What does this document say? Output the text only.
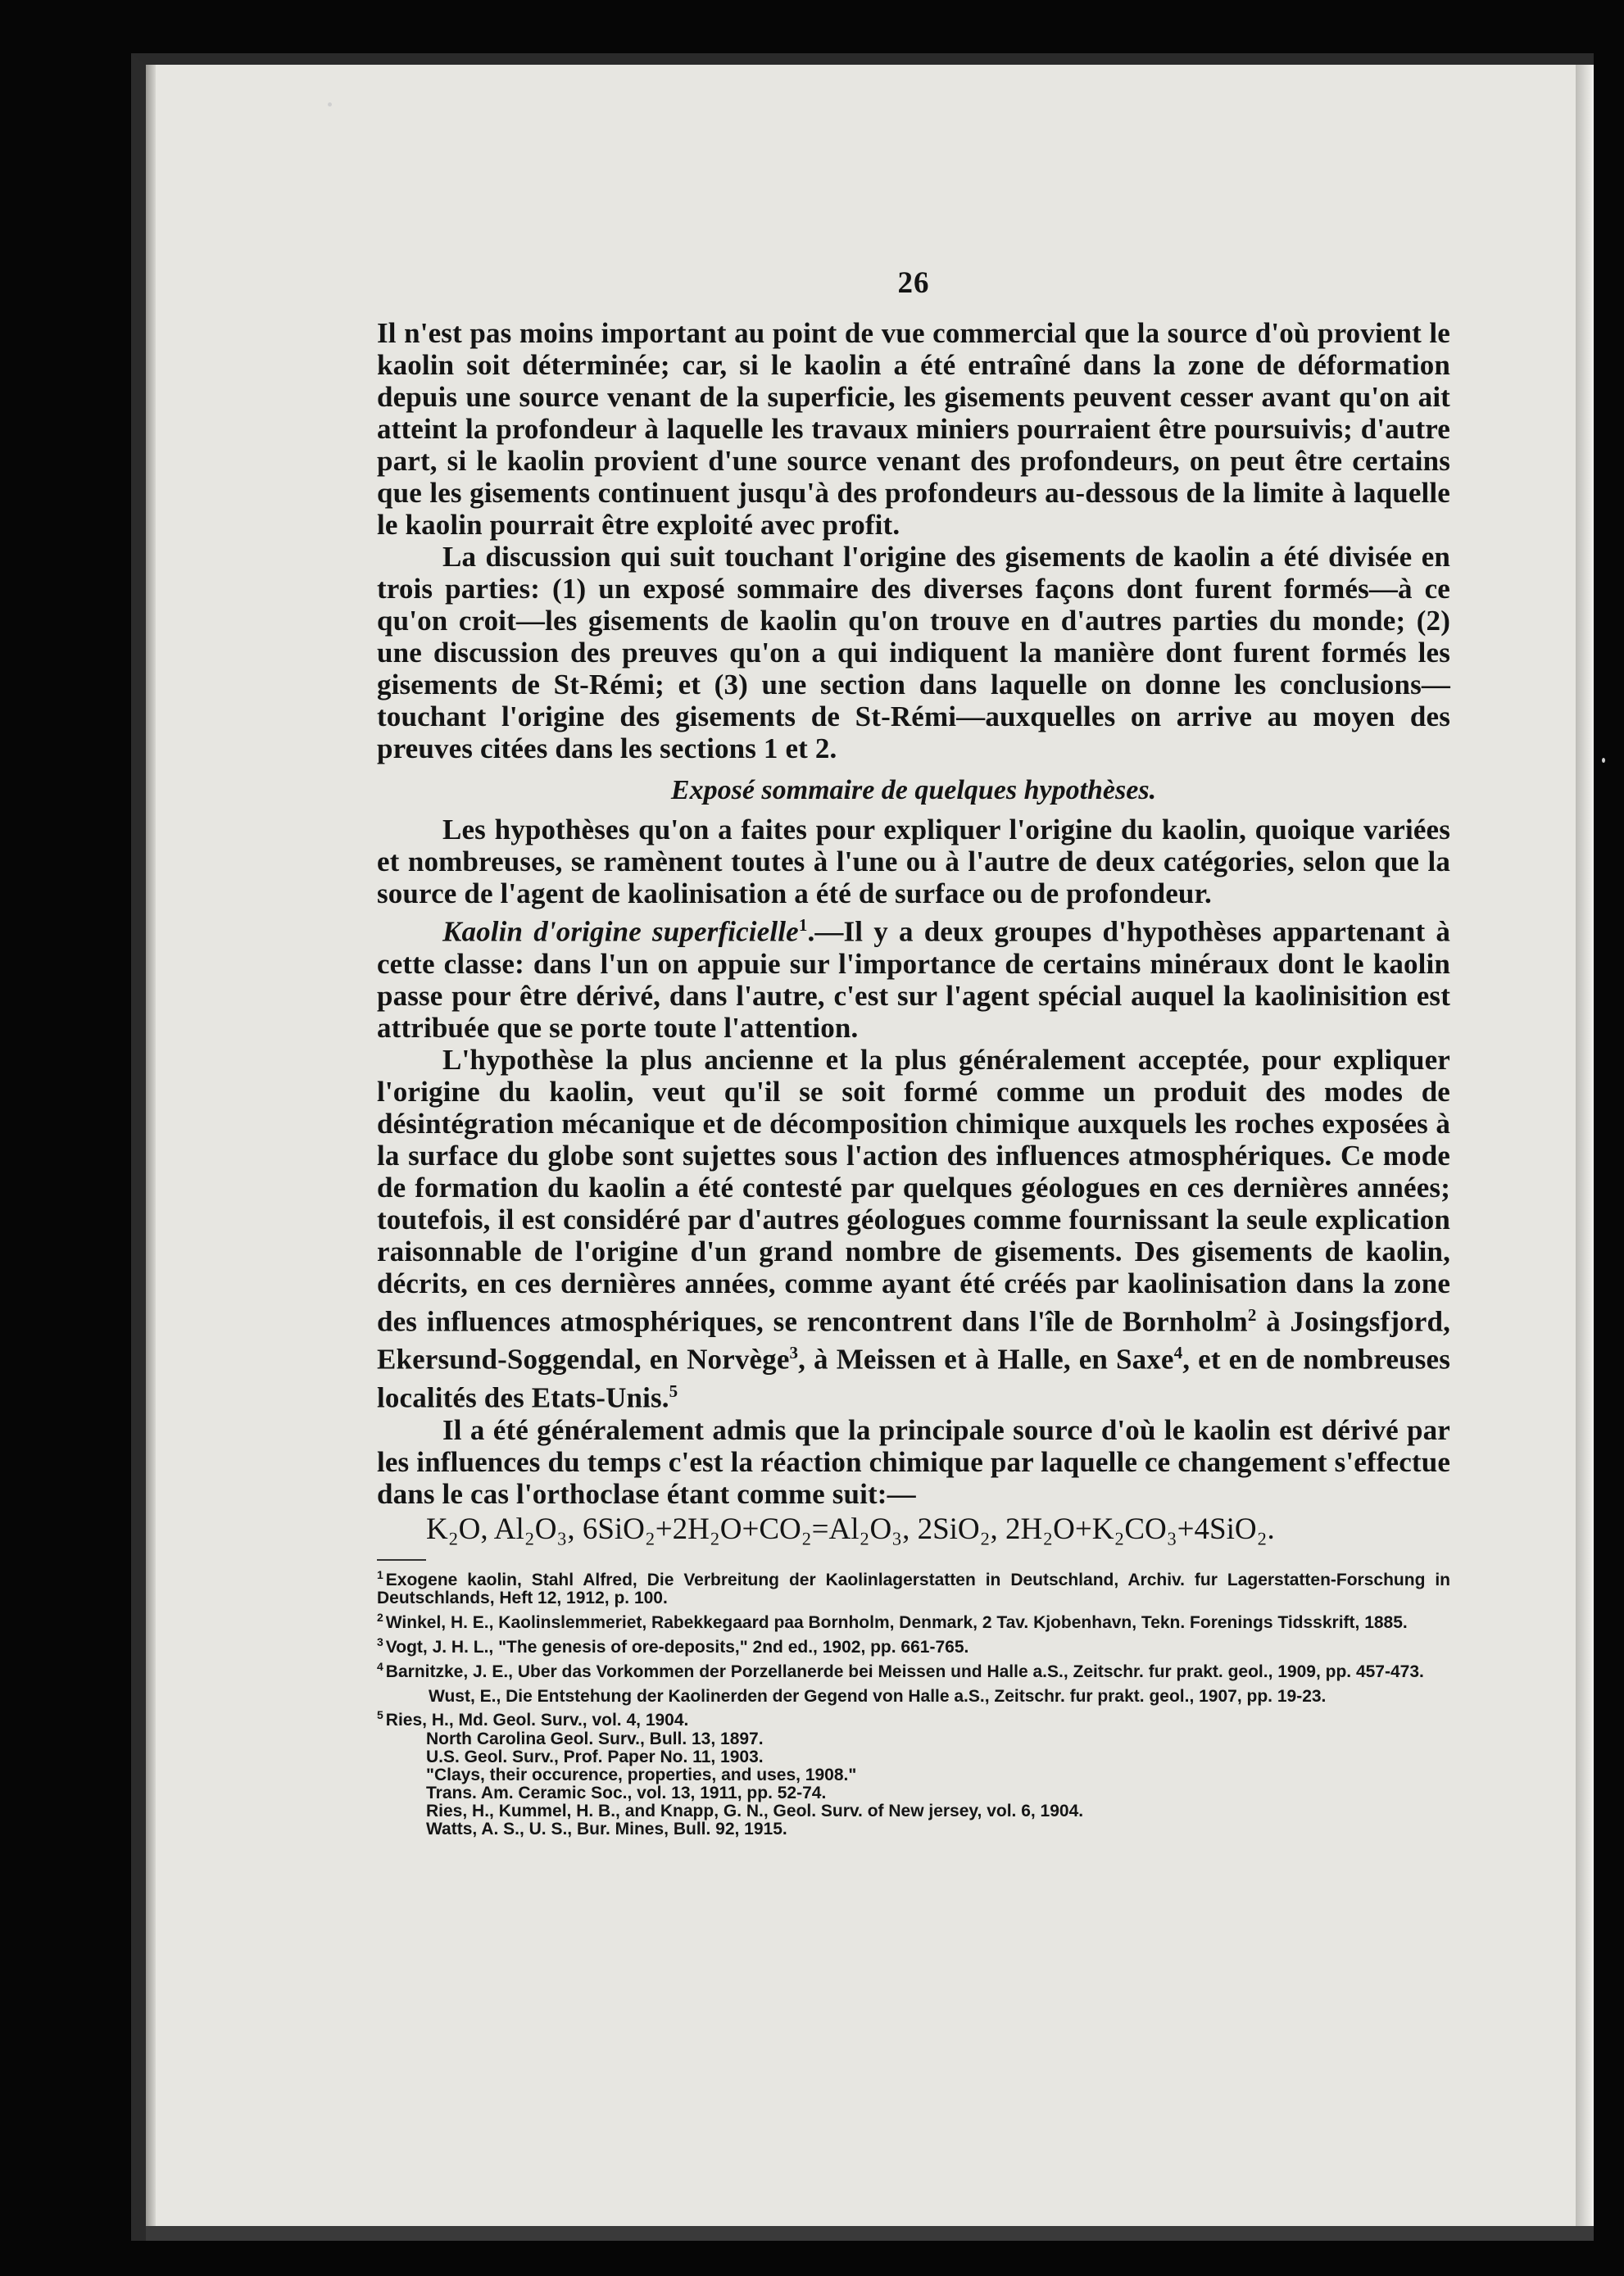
26

Il n'est pas moins important au point de vue commercial que la source d'où provient le kaolin soit déterminée; car, si le kaolin a été entraîné dans la zone de déformation depuis une source venant de la superficie, les gisements peuvent cesser avant qu'on ait atteint la profondeur à laquelle les travaux miniers pourraient être poursuivis; d'autre part, si le kaolin provient d'une source venant des profondeurs, on peut être certains que les gisements continuent jusqu'à des profondeurs au-dessous de la limite à laquelle le kaolin pourrait être exploité avec profit.

La discussion qui suit touchant l'origine des gisements de kaolin a été divisée en trois parties: (1) un exposé sommaire des diverses façons dont furent formés—à ce qu'on croit—les gisements de kaolin qu'on trouve en d'autres parties du monde; (2) une discussion des preuves qu'on a qui indiquent la manière dont furent formés les gisements de St-Rémi; et (3) une section dans laquelle on donne les conclusions—touchant l'origine des gisements de St-Rémi—auxquelles on arrive au moyen des preuves citées dans les sections 1 et 2.

Exposé sommaire de quelques hypothèses.

Les hypothèses qu'on a faites pour expliquer l'origine du kaolin, quoique variées et nombreuses, se ramènent toutes à l'une ou à l'autre de deux catégories, selon que la source de l'agent de kaolinisation a été de surface ou de profondeur.

Kaolin d'origine superficielle$^1$.—Il y a deux groupes d'hypothèses appartenant à cette classe: dans l'un on appuie sur l'importance de certains minéraux dont le kaolin passe pour être dérivé, dans l'autre, c'est sur l'agent spécial auquel la kaolinisition est attribuée que se porte toute l'attention.

L'hypothèse la plus ancienne et la plus généralement acceptée, pour expliquer l'origine du kaolin, veut qu'il se soit formé comme un produit des modes de désintégration mécanique et de décomposition chimique auxquels les roches exposées à la surface du globe sont sujettes sous l'action des influences atmosphériques. Ce mode de formation du kaolin a été contesté par quelques géologues en ces dernières années; toutefois, il est considéré par d'autres géologues comme fournissant la seule explication raisonnable de l'origine d'un grand nombre de gisements. Des gisements de kaolin, décrits, en ces dernières années, comme ayant été créés par kaolinisation dans la zone des influences atmosphériques, se rencontrent dans l'île de Bornholm$^2$ à Josingsfjord, Ekersund-Soggendal, en Norvège$^3$, à Meissen et à Halle, en Saxe$^4$, et en de nombreuses localités des Etats-Unis.$^5$

Il a été généralement admis que la principale source d'où le kaolin est dérivé par les influences du temps c'est la réaction chimique par laquelle ce changement s'effectue dans le cas l'orthoclase étant comme suit:—

K₂O, Al₂O₃, 6SiO₂+2H₂O+CO₂=Al₂O₃, 2SiO₂, 2H₂O+K₂CO₃+4SiO₂.

$^1$ Exogene kaolin, Stahl Alfred, Die Verbreitung der Kaolinlagerstatten in Deutschland, Archiv. fur Lagerstatten-Forschung in Deutschlands, Heft 12, 1912, p. 100.

$^2$ Winkel, H. E., Kaolinslemmeriet, Rabekkegaard paa Bornholm, Denmark, 2 Tav. Kjobenhavn, Tekn. Forenings Tidsskrift, 1885.

$^3$ Vogt, J. H. L., "The genesis of ore-deposits," 2nd ed., 1902, pp. 661-765.

$^4$ Barnitzke, J. E., Uber das Vorkommen der Porzellanerde bei Meissen und Halle a.S., Zeitschr. fur prakt. geol., 1909, pp. 457-473.

Wust, E., Die Entstehung der Kaolinerden der Gegend von Halle a.S., Zeitschr. fur prakt. geol., 1907, pp. 19-23.

$^5$ Ries, H., Md. Geol. Surv., vol. 4, 1904.

North Carolina Geol. Surv., Bull. 13, 1897.

U.S. Geol. Surv., Prof. Paper No. 11, 1903.

"Clays, their occurence, properties, and uses, 1908."

Trans. Am. Ceramic Soc., vol. 13, 1911, pp. 52-74.

Ries, H., Kummel, H. B., and Knapp, G. N., Geol. Surv. of New jersey, vol. 6, 1904.

Watts, A. S., U. S., Bur. Mines, Bull. 92, 1915.
